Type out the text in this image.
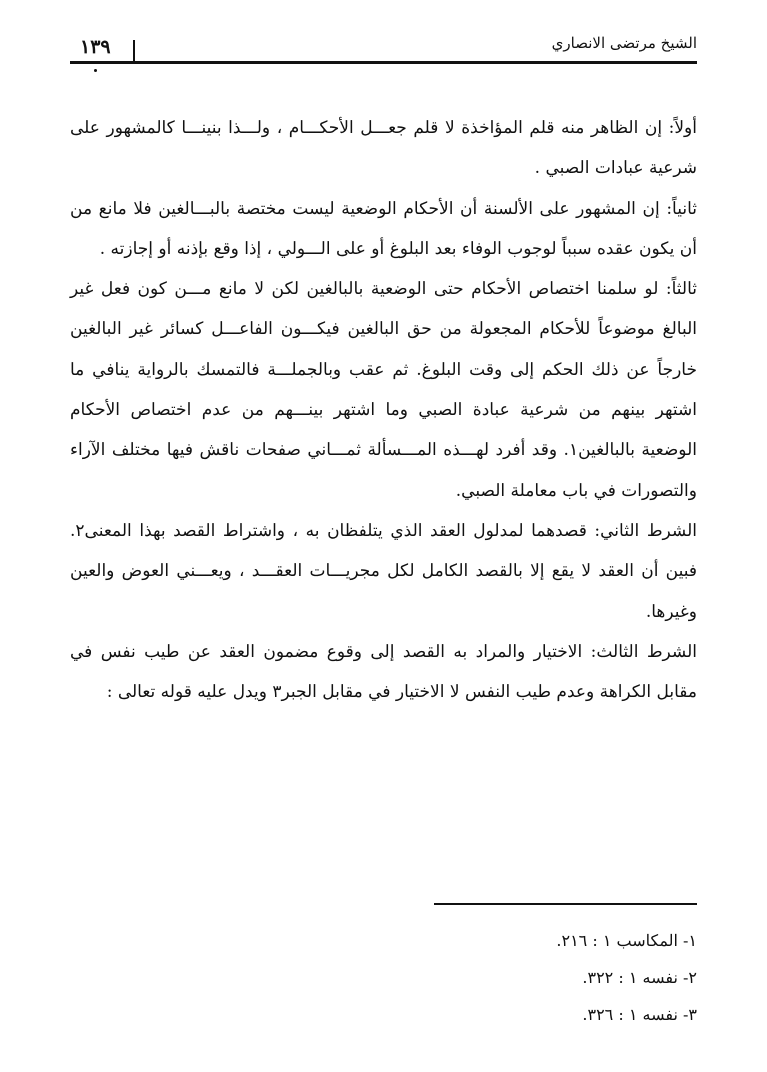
الشيخ مرتضى الانصاري
١٣٩

أولاً: إن الظاهر منه قلم المؤاخذة لا قلم جعـــل الأحكـــام ، ولـــذا بنينـــا كالمشهور على شرعية عبادات الصبي .

ثانياً: إن المشهور على الألسنة أن الأحكام الوضعية ليست مختصة بالبـــالغين فلا مانع من أن يكون عقده سبباً لوجوب الوفاء بعد البلوغ أو على الـــولي ، إذا وقع بإذنه أو إجازته .

ثالثاً: لو سلمنا اختصاص الأحكام حتى الوضعية بالبالغين لكن لا مانع مـــن كون فعل غير البالغ موضوعاً للأحكام المجعولة من حق البالغين فيكـــون الفاعـــل كسائر غير البالغين خارجاً عن ذلك الحكم إلى وقت البلوغ. ثم عقب وبالجملـــة فالتمسك بالرواية ينافي ما اشتهر بينهم من شرعية عبادة الصبي وما اشتهر بينـــهم من عدم اختصاص الأحكام الوضعية بالبالغين١. وقد أفرد لهـــذه المـــسألة ثمـــاني صفحات ناقش فيها مختلف الآراء والتصورات في باب معاملة الصبي.

الشرط الثاني: قصدهما لمدلول العقد الذي يتلفظان به ، واشتراط القصد بهذا المعنى٢. فبين أن العقد لا يقع إلا بالقصد الكامل لكل مجريـــات العقـــد ، ويعـــني العوض والعين وغيرها.

الشرط الثالث: الاختيار والمراد به القصد إلى وقوع مضمون العقد عن طيب نفس في مقابل الكراهة وعدم طيب النفس لا الاختيار في مقابل الجبر٣ ويدل عليه قوله تعالى :

١- المكاسب ١ : ٢١٦.
٢- نفسه ١ : ٣٢٢.
٣- نفسه ١ : ٣٢٦.
